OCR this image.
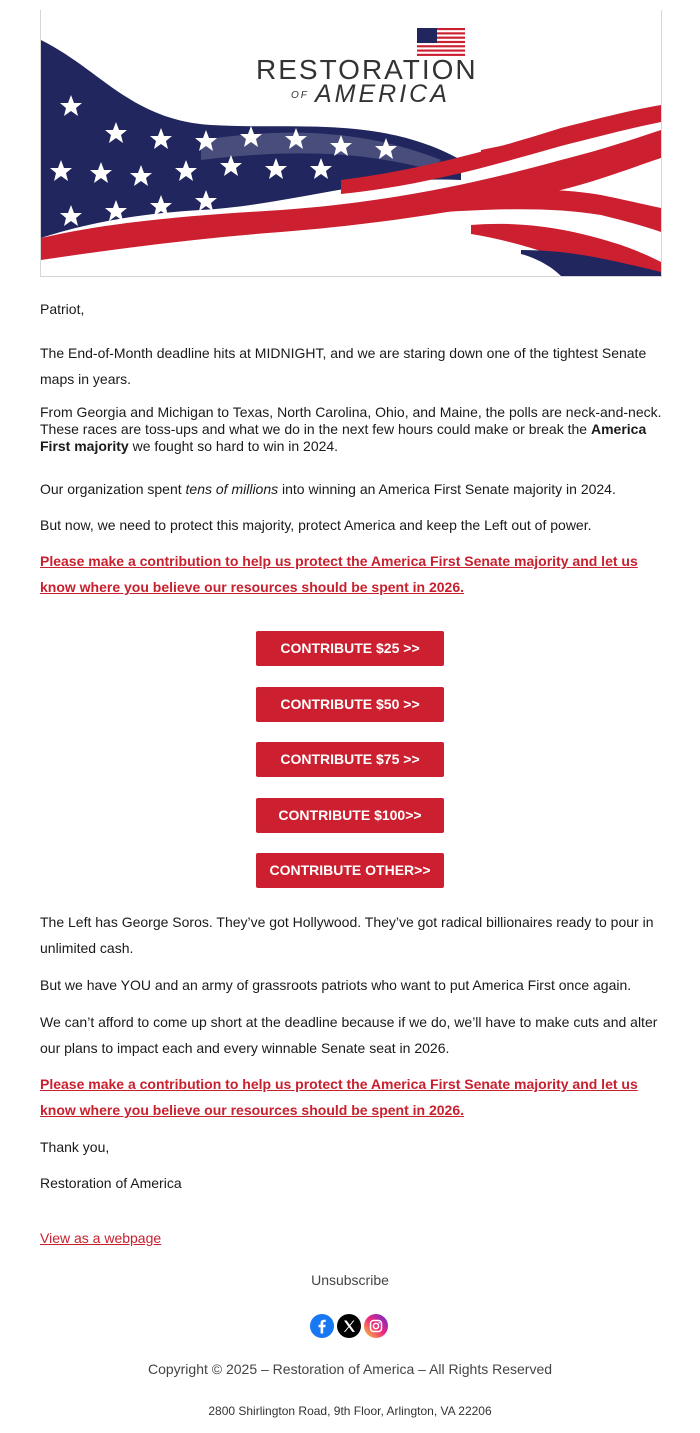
RESTORATION
OF AMERICA
Patriot,
The End-of-Month deadline hits at MIDNIGHT, and we are staring down one of the tightest Senate maps in years.
From Georgia and Michigan to Texas, North Carolina, Ohio, and Maine, the polls are neck-and-neck. These races are toss-ups and what we do in the next few hours could make or break the America First majority we fought so hard to win in 2024.
Our organization spent tens of millions into winning an America First Senate majority in 2024.
But now, we need to protect this majority, protect America and keep the Left out of power.
Please make a contribution to help us protect the America First Senate majority and let us know where you believe our resources should be spent in 2026.
CONTRIBUTE $25 >>
CONTRIBUTE $50 >>
CONTRIBUTE $75 >>
CONTRIBUTE $100>>
CONTRIBUTE OTHER>>
The Left has George Soros. They’ve got Hollywood. They’ve got radical billionaires ready to pour in unlimited cash.
But we have YOU and an army of grassroots patriots who want to put America First once again.
We can’t afford to come up short at the deadline because if we do, we’ll have to make cuts and alter our plans to impact each and every winnable Senate seat in 2026.
Please make a contribution to help us protect the America First Senate majority and let us know where you believe our resources should be spent in 2026.
Thank you,
Restoration of America
View as a webpage
Unsubscribe
Copyright © 2025 – Restoration of America – All Rights Reserved
2800 Shirlington Road, 9th Floor, Arlington, VA 22206
